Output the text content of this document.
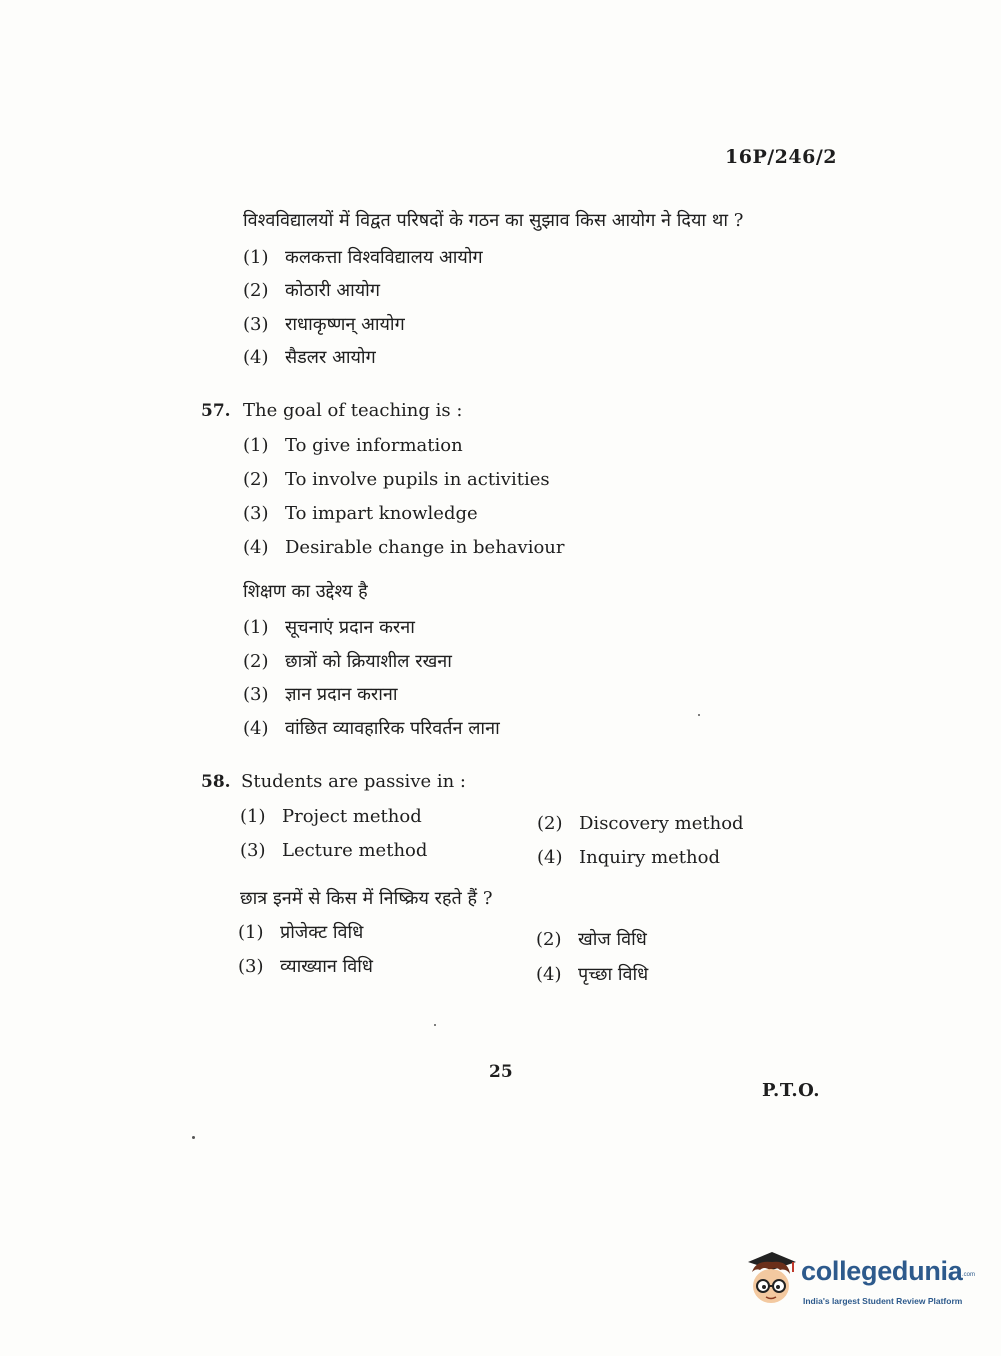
16P/246/2
विश्वविद्यालयों में विद्वत परिषदों के गठन का सुझाव किस आयोग ने दिया था ?
(1) कलकत्ता विश्वविद्यालय आयोग
(2) कोठारी आयोग
(3) राधाकृष्णन् आयोग
(4) सैडलर आयोग
57. The goal of teaching is :
(1) To give information
(2) To involve pupils in activities
(3) To impart knowledge
(4) Desirable change in behaviour
शिक्षण का उद्देश्य है
(1) सूचनाएं प्रदान करना
(2) छात्रों को क्रियाशील रखना
(3) ज्ञान प्रदान कराना
(4) वांछित व्यावहारिक परिवर्तन लाना
58. Students are passive in :
(1) Project method	(2) Discovery method
(3) Lecture method	(4) Inquiry method
छात्र इनमें से किस में निष्क्रिय रहते हैं ?
(1) प्रोजेक्ट विधि	(2) खोज विधि
(3) व्याख्यान विधि	(4) पृच्छा विधि
25
P.T.O.
collegedunia .com
India's largest Student Review Platform
